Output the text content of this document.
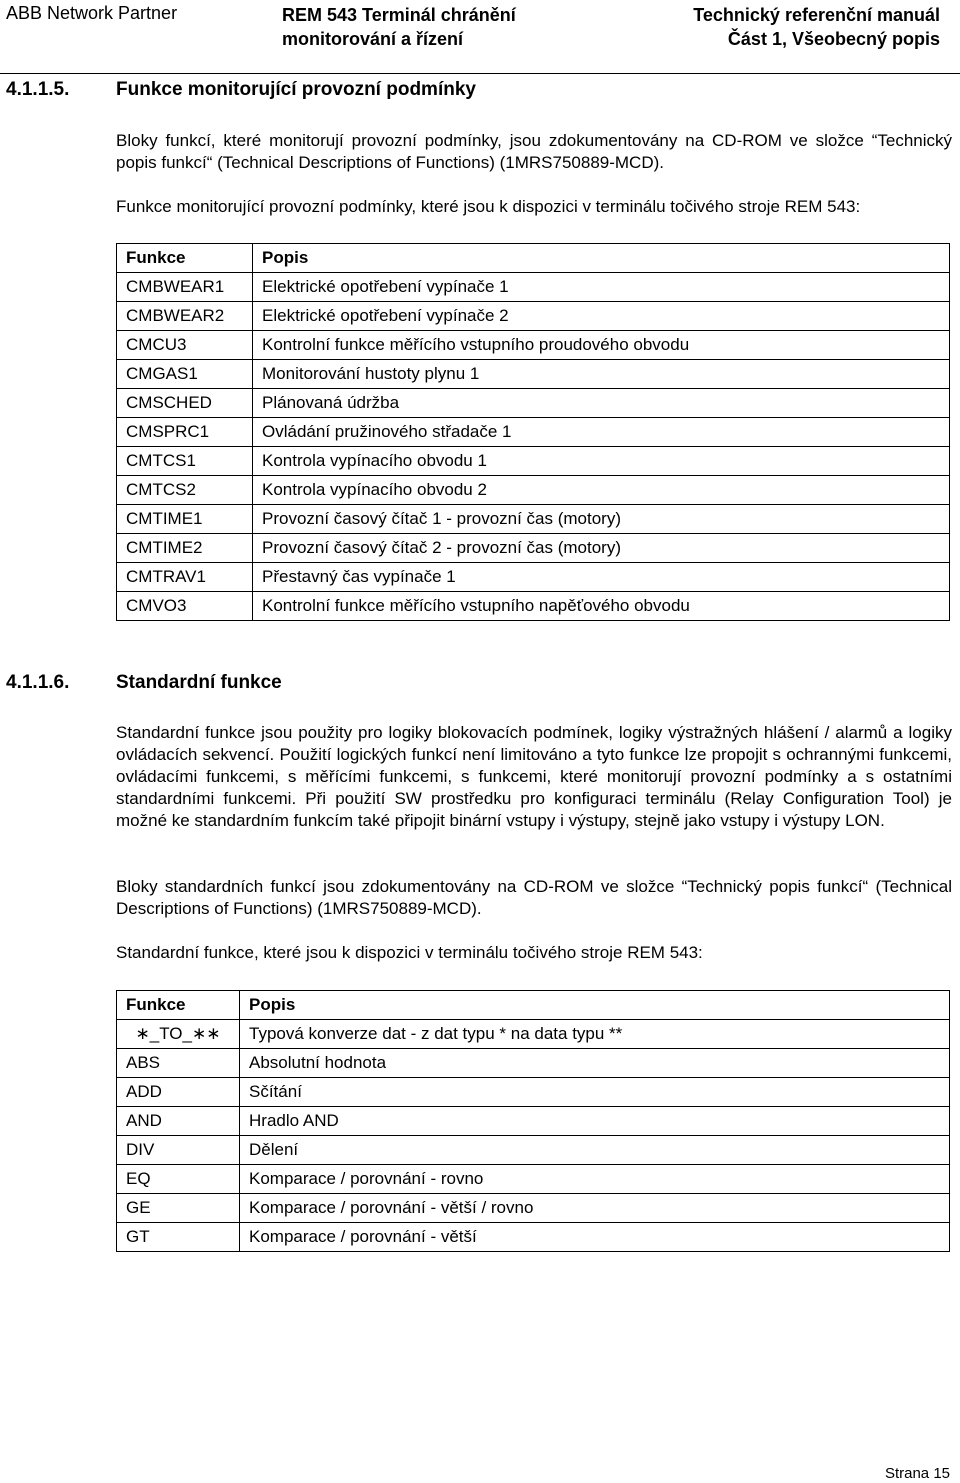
ABB Network Partner	REM 543 Terminál chránění
monitorování a řízení
Technický referenční manuál
Část 1, Všeobecný popis
4.1.1.5. Funkce monitorující provozní podmínky
Bloky funkcí, které monitorují provozní podmínky, jsou zdokumentovány na CD-ROM ve složce “Technický popis funkcí“ (Technical Descriptions of Functions) (1MRS750889-MCD).
Funkce monitorující provozní podmínky, které jsou k dispozici v terminálu točivého stroje REM 543:
Funkce	Popis
CMBWEAR1	Elektrické opotřebení vypínače 1
CMBWEAR2	Elektrické opotřebení vypínače 2
CMCU3	Kontrolní funkce měřícího vstupního proudového obvodu
CMGAS1	Monitorování hustoty plynu 1
CMSCHED	Plánovaná údržba
CMSPRC1	Ovládání pružinového střadače 1
CMTCS1	Kontrola vypínacího obvodu 1
CMTCS2	Kontrola vypínacího obvodu 2
CMTIME1	Provozní časový čítač 1 - provozní čas (motory)
CMTIME2	Provozní časový čítač 2 - provozní čas (motory)
CMTRAV1	Přestavný čas vypínače 1
CMVO3	Kontrolní funkce měřícího vstupního napěťového obvodu
4.1.1.6. Standardní funkce
Standardní funkce jsou použity pro logiky blokovacích podmínek, logiky výstražných hlášení / alarmů a logiky ovládacích sekvencí. Použití logických funkcí není limitováno a tyto funkce lze propojit s ochrannými funkcemi, ovládacími funkcemi, s měřícími funkcemi, s funkcemi, které monitorují provozní podmínky a s ostatními standardními funkcemi. Při použití SW prostředku pro konfiguraci terminálu (Relay Configuration Tool) je možné ke standardním funkcím také připojit binární vstupy i výstupy, stejně jako vstupy i výstupy LON.
Bloky standardních funkcí jsou zdokumentovány na CD-ROM ve složce “Technický popis funkcí“ (Technical Descriptions of Functions) (1MRS750889-MCD).
Standardní funkce, které jsou k dispozici v terminálu točivého stroje REM 543:
Funkce	Popis
∗_TO_∗∗	Typová konverze dat - z dat typu * na data typu **
ABS	Absolutní hodnota
ADD	Sčítání
AND	Hradlo AND
DIV	Dělení
EQ	Komparace / porovnání - rovno
GE	Komparace / porovnání - větší / rovno
GT	Komparace / porovnání - větší
Strana 15
